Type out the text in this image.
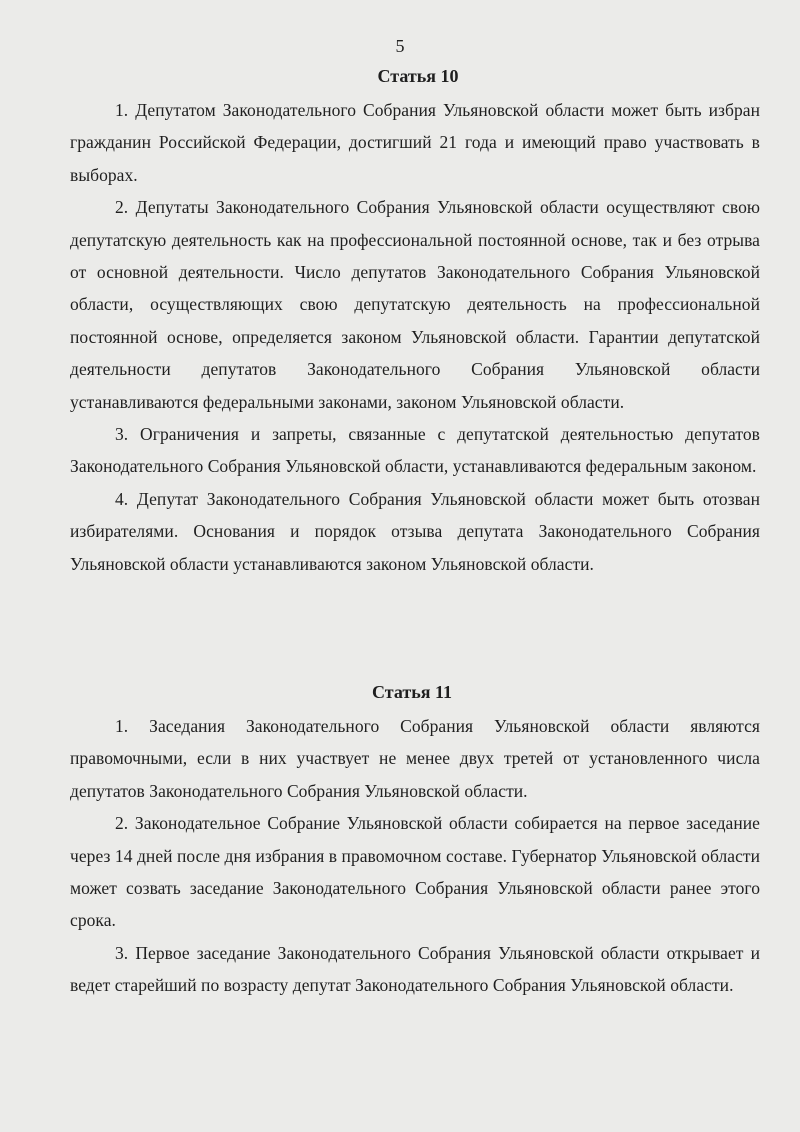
5
Статья 10

1. Депутатом Законодательного Собрания Ульяновской области может быть избран гражданин Российской Федерации, достигший 21 года и имеющий право участвовать в выборах.

2. Депутаты Законодательного Собрания Ульяновской области осуществляют свою депутатскую деятельность как на профессиональной постоянной основе, так и без отрыва от основной деятельности. Число депутатов Законодательного Собрания Ульяновской области, осуществляющих свою депутатскую деятельность на профессиональной постоянной основе, определяется законом Ульяновской области. Гарантии депутатской деятельности депутатов Законодательного Собрания Ульяновской области устанавливаются федеральными законами, законом Ульяновской области.

3. Ограничения и запреты, связанные с депутатской деятельностью депутатов Законодательного Собрания Ульяновской области, устанавливаются федеральным законом.

4. Депутат Законодательного Собрания Ульяновской области может быть отозван избирателями. Основания и порядок отзыва депутата Законодательного Собрания Ульяновской области устанавливаются законом Ульяновской области.

Статья 11

1. Заседания Законодательного Собрания Ульяновской области являются правомочными, если в них участвует не менее двух третей от установленного числа депутатов Законодательного Собрания Ульяновской области.

2. Законодательное Собрание Ульяновской области собирается на первое заседание через 14 дней после дня избрания в правомочном составе. Губернатор Ульяновской области может созвать заседание Законодательного Собрания Ульяновской области ранее этого срока.

3. Первое заседание Законодательного Собрания Ульяновской области открывает и ведет старейший по возрасту депутат Законодательного Собрания Ульяновской области.
